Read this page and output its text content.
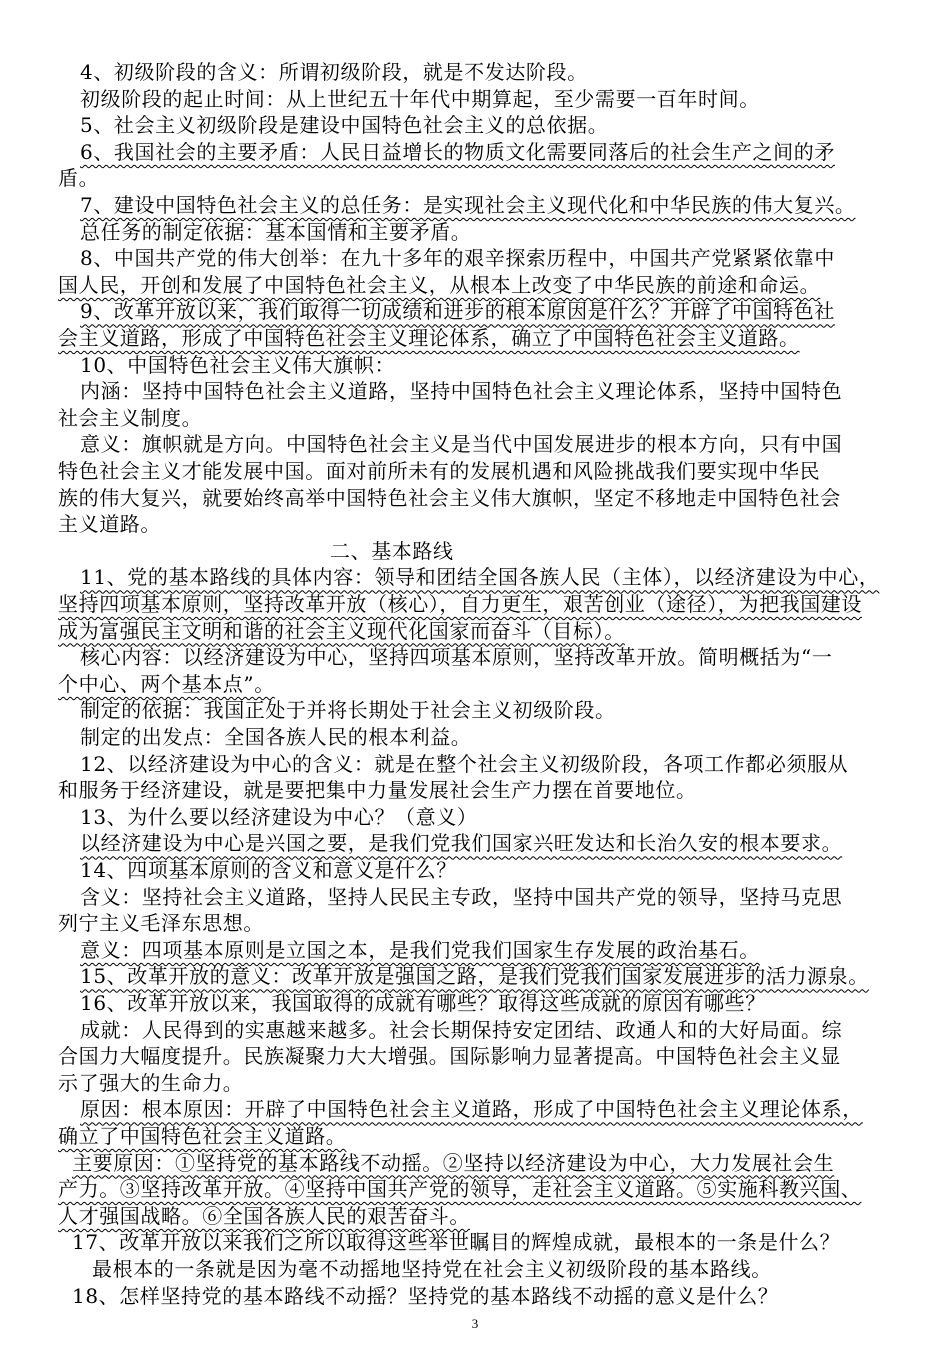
4、初级阶段的含义：所谓初级阶段，就是不发达阶段。
初级阶段的起止时间：从上世纪五十年代中期算起，至少需要一百年时间。
5、社会主义初级阶段是建设中国特色社会主义的总依据。
6、我国社会的主要矛盾：人民日益增长的物质文化需要同落后的社会生产之间的矛
盾。
7、建设中国特色社会主义的总任务：是实现社会主义现代化和中华民族的伟大复兴。
总任务的制定依据：基本国情和主要矛盾。
8、中国共产党的伟大创举：在九十多年的艰辛探索历程中，中国共产党紧紧依靠中
国人民，开创和发展了中国特色社会主义，从根本上改变了中华民族的前途和命运。
9、改革开放以来，我们取得一切成绩和进步的根本原因是什么？开辟了中国特色社
会主义道路，形成了中国特色社会主义理论体系，确立了中国特色社会主义道路。
10、中国特色社会主义伟大旗帜：
内涵：坚持中国特色社会主义道路，坚持中国特色社会主义理论体系，坚持中国特色
社会主义制度。
意义：旗帜就是方向。中国特色社会主义是当代中国发展进步的根本方向，只有中国
特色社会主义才能发展中国。面对前所未有的发展机遇和风险挑战我们要实现中华民
族的伟大复兴，就要始终高举中国特色社会主义伟大旗帜，坚定不移地走中国特色社会
主义道路。
二、基本路线
11、党的基本路线的具体内容：领导和团结全国各族人民（主体），以经济建设为中心，
坚持四项基本原则，坚持改革开放（核心），自力更生，艰苦创业（途径），为把我国建设
成为富强民主文明和谐的社会主义现代化国家而奋斗（目标）。
核心内容：以经济建设为中心，坚持四项基本原则，坚持改革开放。简明概括为“一
个中心、两个基本点”。
制定的依据：我国正处于并将长期处于社会主义初级阶段。
制定的出发点：全国各族人民的根本利益。
12、以经济建设为中心的含义：就是在整个社会主义初级阶段，各项工作都必须服从
和服务于经济建设，就是要把集中力量发展社会生产力摆在首要地位。
13、为什么要以经济建设为中心？（意义）
以经济建设为中心是兴国之要，是我们党我们国家兴旺发达和长治久安的根本要求。
14、四项基本原则的含义和意义是什么？
含义：坚持社会主义道路，坚持人民民主专政，坚持中国共产党的领导，坚持马克思
列宁主义毛泽东思想。
意义：四项基本原则是立国之本，是我们党我们国家生存发展的政治基石。
15、改革开放的意义：改革开放是强国之路，是我们党我们国家发展进步的活力源泉。
16、改革开放以来，我国取得的成就有哪些？取得这些成就的原因有哪些？
成就：人民得到的实惠越来越多。社会长期保持安定团结、政通人和的大好局面。综
合国力大幅度提升。民族凝聚力大大增强。国际影响力显著提高。中国特色社会主义显
示了强大的生命力。
原因：根本原因：开辟了中国特色社会主义道路，形成了中国特色社会主义理论体系，
确立了中国特色社会主义道路。
主要原因：①坚持党的基本路线不动摇。②坚持以经济建设为中心，大力发展社会生
产力。③坚持改革开放。④坚持中国共产党的领导，走社会主义道路。⑤实施科教兴国、
人才强国战略。⑥全国各族人民的艰苦奋斗。
17、改革开放以来我们之所以取得这些举世瞩目的辉煌成就，最根本的一条是什么？
最根本的一条就是因为毫不动摇地坚持党在社会主义初级阶段的基本路线。
18、怎样坚持党的基本路线不动摇？坚持党的基本路线不动摇的意义是什么？
3
